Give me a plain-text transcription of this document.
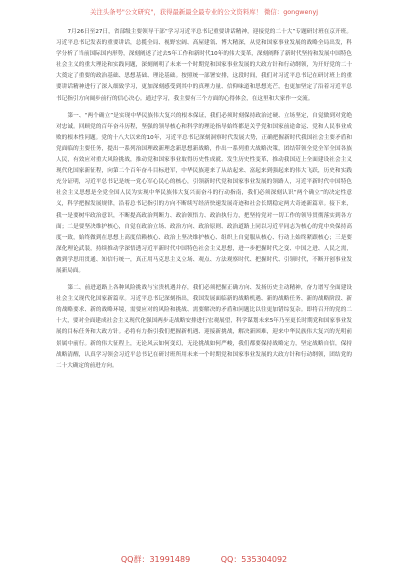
关注头条号"公文研究"，获得最新最全最专业的公文资料库！ 微信：gongwenyj

7月26日至27日，省部级主要领导干部“学习习近平总书记重要讲话精神，迎接党的二十大”专题研讨班在京开班。习近平总书记发表的重要讲话，总揽全局、视野宏阔、高屋建瓴、博大精深，从党和国家事业发展的战略全局出发，科学分析了当前国际国内形势，深刻阐述了过去5年工作和新时代10年的伟大变革，深刻阐释了新时代坚持和发展中国特色社会主义的重大理论和实践问题，深刻阐明了未来一个时期党和国家事业发展的大政方针和行动纲领，为开好党的二十大奠定了重要的政治基础、思想基础、理论基础。按照统一部署安排，这段时间，我们对习近平总书记在研讨班上的重要讲话精神进行了深入细致学习，更加深刻感受到其中的真理力量、信仰味道和思想光芒，也更加坚定了沿着习近平总书记指引方向阔步前行的信心决心。通过学习，我主要有三个方面的心得体会，在这里和大家作一交流。

第一、“两个确立”是实现中华民族伟大复兴的根本保证，我们必须时刻保持政治过硬、立场坚定，自觉做到对党绝对忠诚。回顾党的百年奋斗历程，坚强的领导核心和科学的理论指导始终都是关乎党和国家前途命运、党和人民事业成败的根本性问题。党的十八大以来的10年，习近平总书记深刻洞察时代发展大势，正确把握新时代我国社会主要矛盾和党面临的主要任务，提出一系列治国理政新理念新思想新战略，作出一系列重大战略决策，团结带领全党全军全国各族人民，有效应对重大风险挑战，推动党和国家事业取得历史性成就、发生历史性变革，推动我国迈上全面建设社会主义现代化国家新征程，向第二个百年奋斗目标进军，中华民族迎来了从站起来、富起来到强起来的伟大飞跃，历史和实践充分证明，习近平总书记是统一党心军心民心的核心，引领新时代党和国家事业发展的领路人，习近平新时代中国特色社会主义思想是全党全国人民为实现中华民族伟大复兴而奋斗的行动指南，我们必须深刻认识“两个确立”的决定性意义，科学把握发展规律，沿着总书记指引的方向不断续写经济快速发展奇迹和社会长期稳定两大奇迹新篇章。接下来，我一是要树牢政治意识，不断提高政治判断力、政治领悟力、政治执行力，把坚持党对一切工作的领导贯彻落实到各方面；二是要坚决维护核心，自觉在政治立场、政治方向、政治原则、政治道路上同以习近平同志为核心的党中央保持高度一致，始终做到在思想上高度信赖核心、政治上坚决维护核心、组织上自觉服从核心、行动上始终紧跟核心；三是要深化理论武装，持续推动学深悟透习近平新时代中国特色社会主义思想，进一步把握时代之变、中国之进、人民之需，做到学思用贯通、知信行统一，真正用马克思主义立场、观点、方法观察时代、把握时代、引领时代，不断开创事业发展新局面。

第二、前进道路上各种风险挑战与宝贵机遇并存，我们必须把握正确方向、发扬历史主动精神，奋力谱写全面建设社会主义现代化国家新篇章。习近平总书记深刻指出，我国发展面临新的战略机遇、新的战略任务、新的战略阶段、新的战略要求、新的战略环境，需要应对的风险和挑战、需要解决的矛盾和问题比以往更加错综复杂。即将召开的党的二十大，要对全面建成社会主义现代化强国两步走战略安排进行宏观展望，科学谋划未来5年乃至更长时期党和国家事业发展的目标任务和大政方针。必将有力指引我们把握新机遇、迎接新挑战，解决新困难，迎来中华民族伟大复兴的光明前景属中前行。新的伟大征程上，无论风云如何变幻，无论挑战如何严峻，我们都要保持战略定力，坚定战略自信，保持战略清醒，认真学习领会习近平总书记在研讨班所用未来一个时期党和国家事业发展的大政方针和行动纲领，团结党的二十大确定的前进方向。

QQ群：31991489	QQ：535304092
